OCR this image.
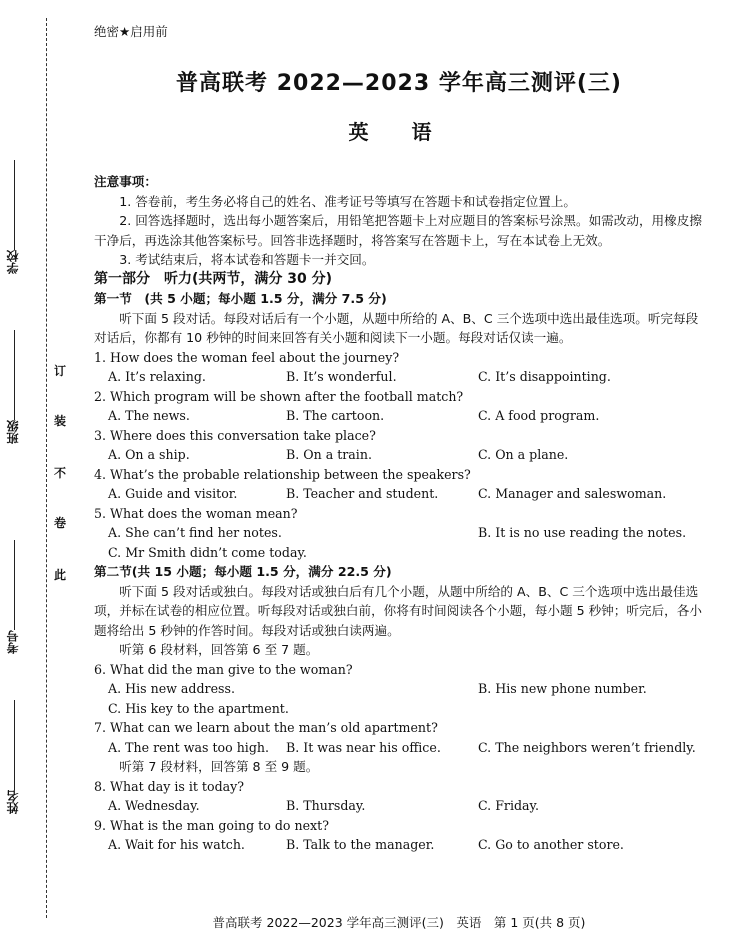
学校
班级
考号
姓名
订
装
不
卷
此
绝密★启用前
普高联考 2022—2023 学年高三测评(三)
英 语

注意事项：

1. 答卷前，考生务必将自己的姓名、准考证号等填写在答题卡和试卷指定位置上。

2. 回答选择题时，选出每小题答案后，用铅笔把答题卡上对应题目的答案标号涂黑。如需改动，用橡皮擦干净后，再选涂其他答案标号。回答非选择题时，将答案写在答题卡上，写在本试卷上无效。

3. 考试结束后，将本试卷和答题卡一并交回。

第一部分　听力(共两节，满分 30 分)

第一节　(共 5 小题；每小题 1.5 分，满分 7.5 分)

听下面 5 段对话。每段对话后有一个小题，从题中所给的 A、B、C 三个选项中选出最佳选项。听完每段对话后，你都有 10 秒钟的时间来回答有关小题和阅读下一小题。每段对话仅读一遍。

1. How does the woman feel about the journey?

A. It’s relaxing.	B. It’s wonderful.	C. It’s disappointing.

2. Which program will be shown after the football match?

A. The news.	B. The cartoon.	C. A food program.

3. Where does this conversation take place?

A. On a ship.	B. On a train.	C. On a plane.

4. What’s the probable relationship between the speakers?

A. Guide and visitor.	B. Teacher and student.	C. Manager and saleswoman.

5. What does the woman mean?

A. She can’t find her notes.	B. It is no use reading the notes.
C. Mr Smith didn’t come today.

第二节(共 15 小题；每小题 1.5 分，满分 22.5 分)

听下面 5 段对话或独白。每段对话或独白后有几个小题，从题中所给的 A、B、C 三个选项中选出最佳选项，并标在试卷的相应位置。听每段对话或独白前，你将有时间阅读各个小题，每小题 5 秒钟；听完后，各小题将给出 5 秒钟的作答时间。每段对话或独白读两遍。

听第 6 段材料，回答第 6 至 7 题。

6. What did the man give to the woman?

A. His new address.	B. His new phone number.
C. His key to the apartment.

7. What can we learn about the man’s old apartment?

A. The rent was too high.	B. It was near his office.	C. The neighbors weren’t friendly.

听第 7 段材料，回答第 8 至 9 题。

8. What day is it today?

A. Wednesday.	B. Thursday.	C. Friday.

9. What is the man going to do next?

A. Wait for his watch.	B. Talk to the manager.	C. Go to another store.
普高联考 2022—2023 学年高三测评(三)　英语　第 1 页(共 8 页)
